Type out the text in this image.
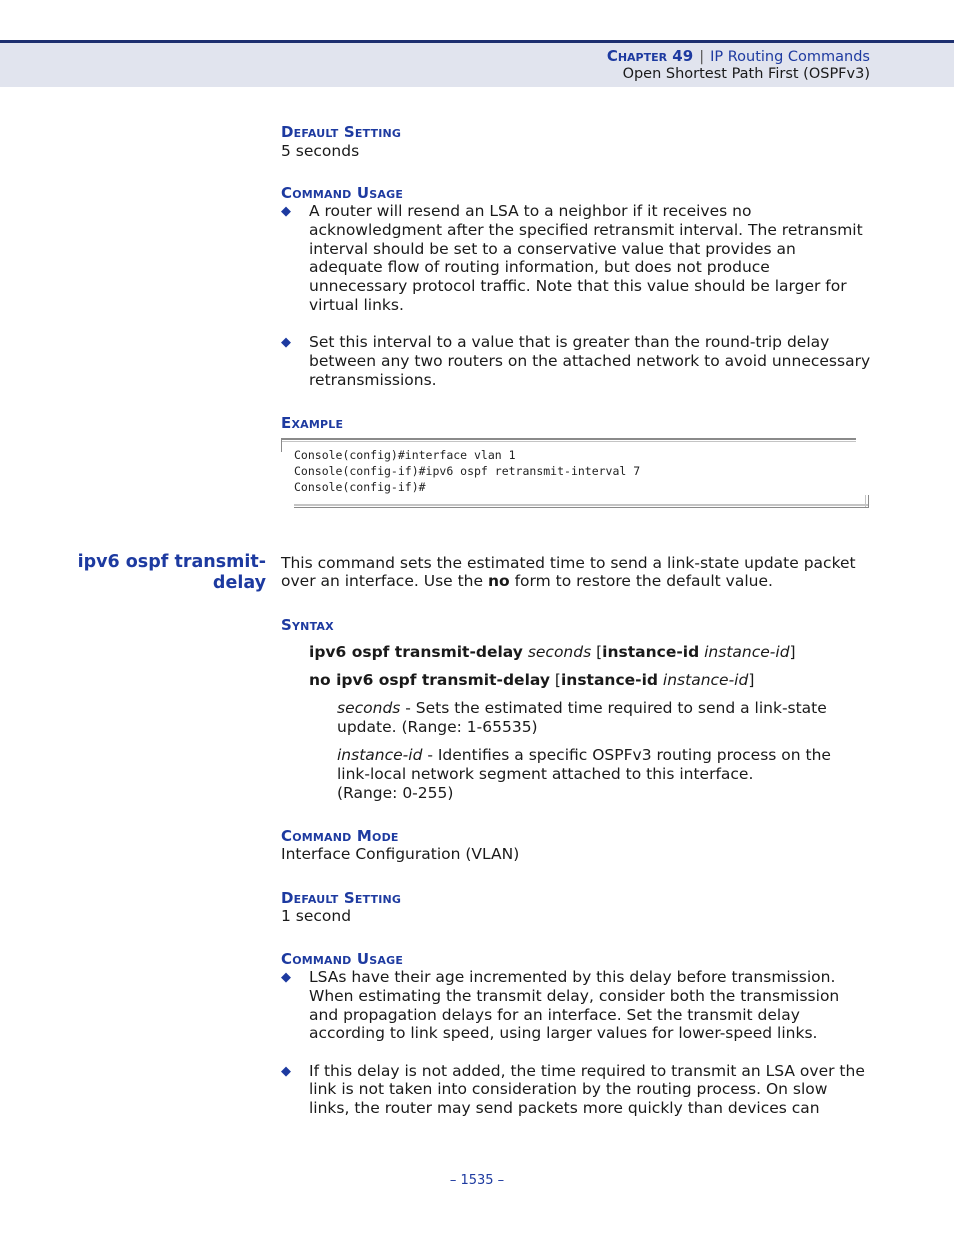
Chapter 49 | IP Routing Commands
Open Shortest Path First (OSPFv3)
Default Setting
5 seconds
Command Usage
◆ A router will resend an LSA to a neighbor if it receives no
acknowledgment after the specified retransmit interval. The retransmit
interval should be set to a conservative value that provides an
adequate flow of routing information, but does not produce
unnecessary protocol traffic. Note that this value should be larger for
virtual links.
◆ Set this interval to a value that is greater than the round-trip delay
between any two routers on the attached network to avoid unnecessary
retransmissions.
Example
Console(config)#interface vlan 1
Console(config-if)#ipv6 ospf retransmit-interval 7
Console(config-if)#
ipv6 ospf transmit-
delay
This command sets the estimated time to send a link-state update packet
over an interface. Use the no form to restore the default value.
Syntax
ipv6 ospf transmit-delay seconds [instance-id instance-id]
no ipv6 ospf transmit-delay [instance-id instance-id]
seconds - Sets the estimated time required to send a link-state
update. (Range: 1-65535)
instance-id - Identifies a specific OSPFv3 routing process on the
link-local network segment attached to this interface.
(Range: 0-255)
Command Mode
Interface Configuration (VLAN)
Default Setting
1 second
Command Usage
◆ LSAs have their age incremented by this delay before transmission.
When estimating the transmit delay, consider both the transmission
and propagation delays for an interface. Set the transmit delay
according to link speed, using larger values for lower-speed links.
◆ If this delay is not added, the time required to transmit an LSA over the
link is not taken into consideration by the routing process. On slow
links, the router may send packets more quickly than devices can
– 1535 –
